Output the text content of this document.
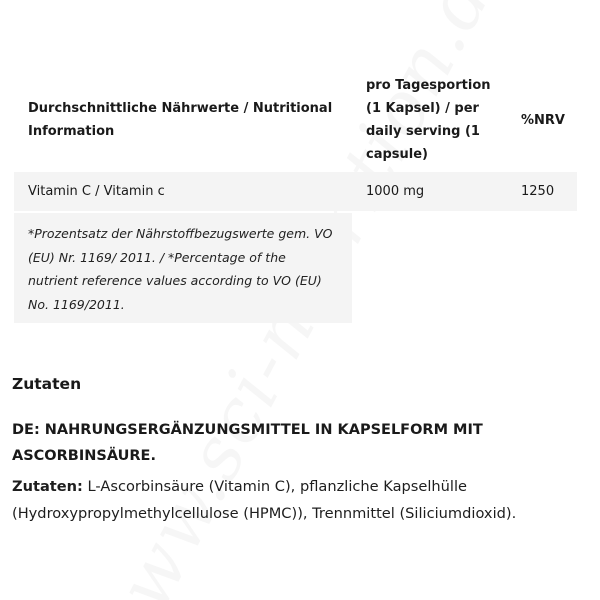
Durchschnittliche Nährwerte / Nutritional Information
pro Tagesportion (1 Kapsel) / per daily serving (1 capsule)
%NRV
Vitamin C / Vitamin c	1000 mg	1250
*Prozentsatz der Nährstoffbezugswerte gem. VO (EU) Nr. 1169/ 2011. / *Percentage of the nutrient reference values according to VO (EU) No. 1169/2011.
Zutaten

DE: NAHRUNGSERGÄNZUNGSMITTEL IN KAPSELFORM MIT ASCORBINSÄURE.

Zutaten: L-Ascorbinsäure (Vitamin C), pflanzliche Kapselhülle (Hydroxypropylmethylcellulose (HPMC)), Trennmittel (Siliciumdioxid).
